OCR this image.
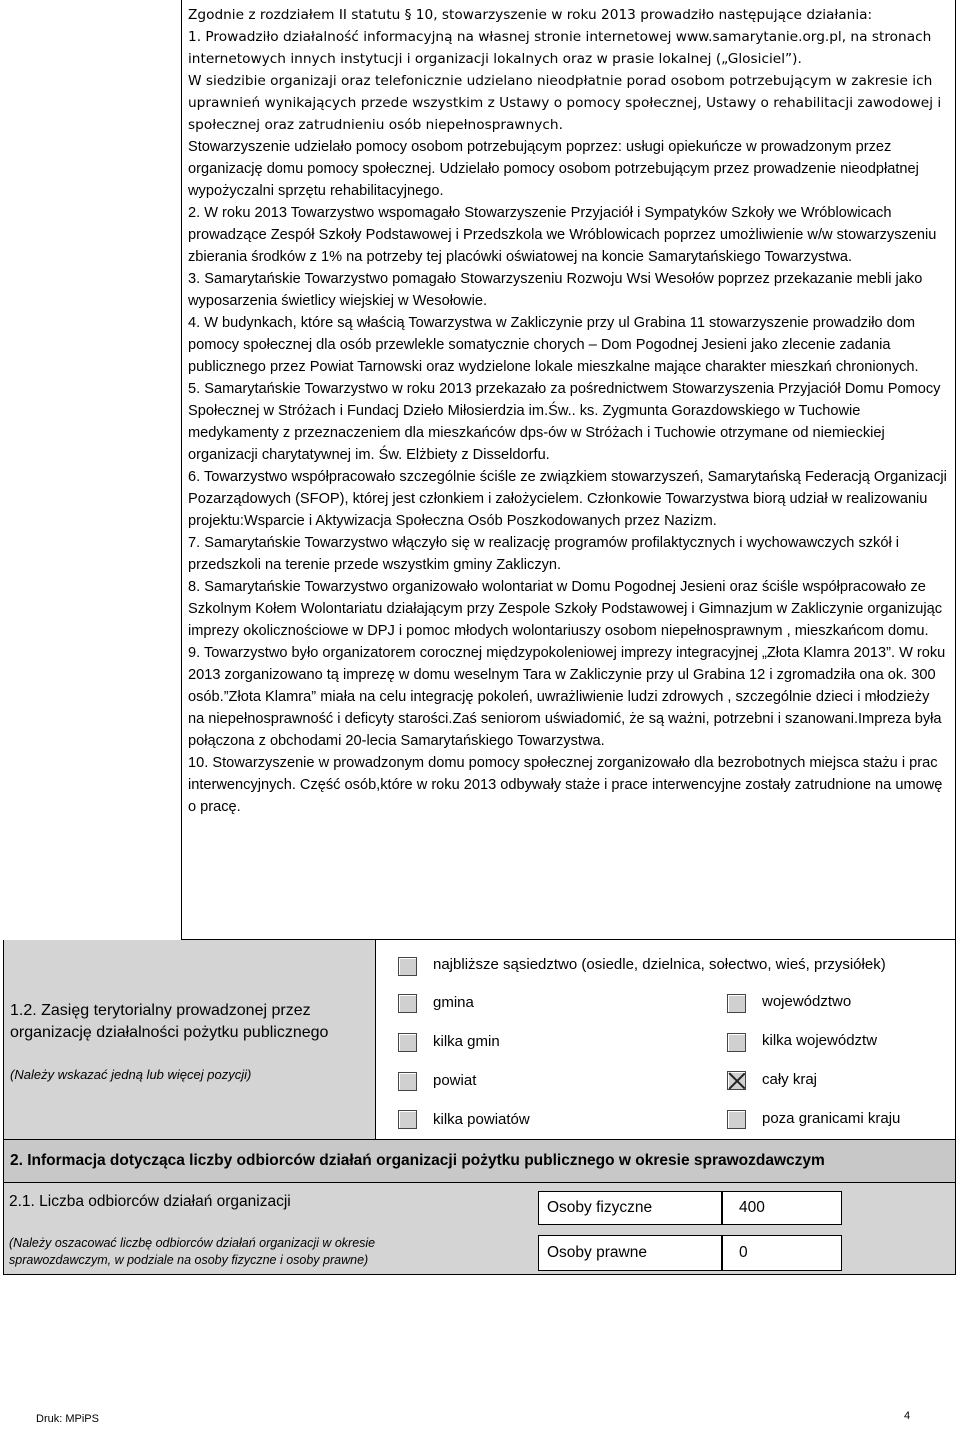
Zgodnie z rozdziałem II statutu § 10, stowarzyszenie w roku 2013 prowadziło następujące działania:

1. Prowadziło działalność informacyjną na własnej stronie internetowej www.samarytanie.org.pl, na stronach internetowych innych instytucji i organizacji lokalnych oraz w prasie lokalnej („Glosiciel”).

W siedzibie organizaji oraz telefonicznie udzielano nieodpłatnie porad osobom potrzebującym w zakresie ich uprawnień wynikających przede wszystkim z Ustawy o pomocy społecznej, Ustawy o rehabilitacji zawodowej i społecznej oraz zatrudnieniu osób niepełnosprawnych.

Stowarzyszenie udzielało pomocy osobom potrzebującym poprzez: usługi opiekuńcze w prowadzonym przez organizację domu pomocy społecznej. Udzielało pomocy osobom potrzebującym przez prowadzenie nieodpłatnej wypożyczalni sprzętu rehabilitacyjnego.

2. W roku 2013 Towarzystwo wspomagało Stowarzyszenie Przyjaciół i Sympatyków Szkoły we Wróblowicach prowadzące Zespół Szkoły Podstawowej i Przedszkola we Wróblowicach poprzez umożliwienie w/w stowarzyszeniu zbierania środków z 1% na potrzeby tej placówki oświatowej na koncie Samarytańskiego Towarzystwa.

3. Samarytańskie Towarzystwo pomagało Stowarzyszeniu Rozwoju Wsi Wesołów poprzez przekazanie mebli jako wyposarzenia świetlicy wiejskiej w Wesołowie.

4. W budynkach, które są właścią Towarzystwa w Zakliczynie przy ul Grabina 11 stowarzyszenie prowadziło dom pomocy społecznej dla osób przewlekle somatycznie chorych – Dom Pogodnej Jesieni jako zlecenie zadania publicznego przez Powiat Tarnowski oraz wydzielone lokale mieszkalne mające charakter mieszkań chronionych.

5. Samarytańskie Towarzystwo w roku 2013 przekazało za pośrednictwem Stowarzyszenia Przyjaciół Domu Pomocy Społecznej w Stróżach i Fundacj Dzieło Miłosierdzia im.Św.. ks. Zygmunta Gorazdowskiego w Tuchowie medykamenty z przeznaczeniem dla mieszkańców dps-ów w Stróżach i Tuchowie otrzymane od niemieckiej organizacji charytatywnej im. Św. Elżbiety z Disseldorfu.

6. Towarzystwo współpracowało szczególnie ściśle ze związkiem stowarzyszeń, Samarytańską Federacją Organizacji Pozarządowych (SFOP), której jest członkiem i założycielem. Członkowie Towarzystwa biorą udział w realizowaniu projektu:Wsparcie i Aktywizacja Społeczna Osób Poszkodowanych przez Nazizm.

7. Samarytańskie Towarzystwo włączyło się w realizację programów profilaktycznych i wychowawczych szkół i przedszkoli na terenie przede wszystkim gminy Zakliczyn.

8. Samarytańskie Towarzystwo organizowało wolontariat w Domu Pogodnej Jesieni oraz ściśle współpracowało ze Szkolnym Kołem Wolontariatu działającym przy Zespole Szkoły Podstawowej i Gimnazjum w Zakliczynie organizując imprezy okolicznościowe w DPJ i pomoc młodych wolontariuszy osobom niepełnosprawnym , mieszkańcom domu.

9. Towarzystwo było organizatorem corocznej międzypokoleniowej imprezy integracyjnej „Złota Klamra 2013”. W roku 2013 zorganizowano tą imprezę w domu weselnym Tara w Zakliczynie przy ul Grabina 12 i zgromadziła ona ok. 300 osób.”Złota Klamra” miała na celu integrację pokoleń, uwrażliwienie ludzi zdrowych , szczególnie dzieci i młodzieży na niepełnosprawność i deficyty starości.Zaś seniorom uświadomić, że są ważni, potrzebni i szanowani.Impreza była połączona z obchodami 20-lecia Samarytańskiego Towarzystwa.

10. Stowarzyszenie w prowadzonym domu pomocy społecznej zorganizowało dla bezrobotnych miejsca stażu i prac interwencyjnych. Część osób,które w roku 2013 odbywały staże i prace interwencyjne zostały zatrudnione na umowę o pracę.

1.2. Zasięg terytorialny prowadzonej przez organizację działalności pożytku publicznego
(Należy wskazać jedną lub więcej pozycji)
najbliższe sąsiedztwo (osiedle, dzielnica, sołectwo, wieś, przysiółek)
gmina	województwo
kilka gmin	kilka województw
powiat	cały kraj
kilka powiatów	poza granicami kraju
2. Informacja dotycząca liczby odbiorców działań organizacji pożytku publicznego w okresie sprawozdawczym
2.1. Liczba odbiorców działań organizacji
(Należy oszacować liczbę odbiorców działań organizacji w okresie sprawozdawczym, w podziale na osoby fizyczne i osoby prawne)
Osoby fizyczne	400
Osoby prawne	0
Druk: MPiPS	4
